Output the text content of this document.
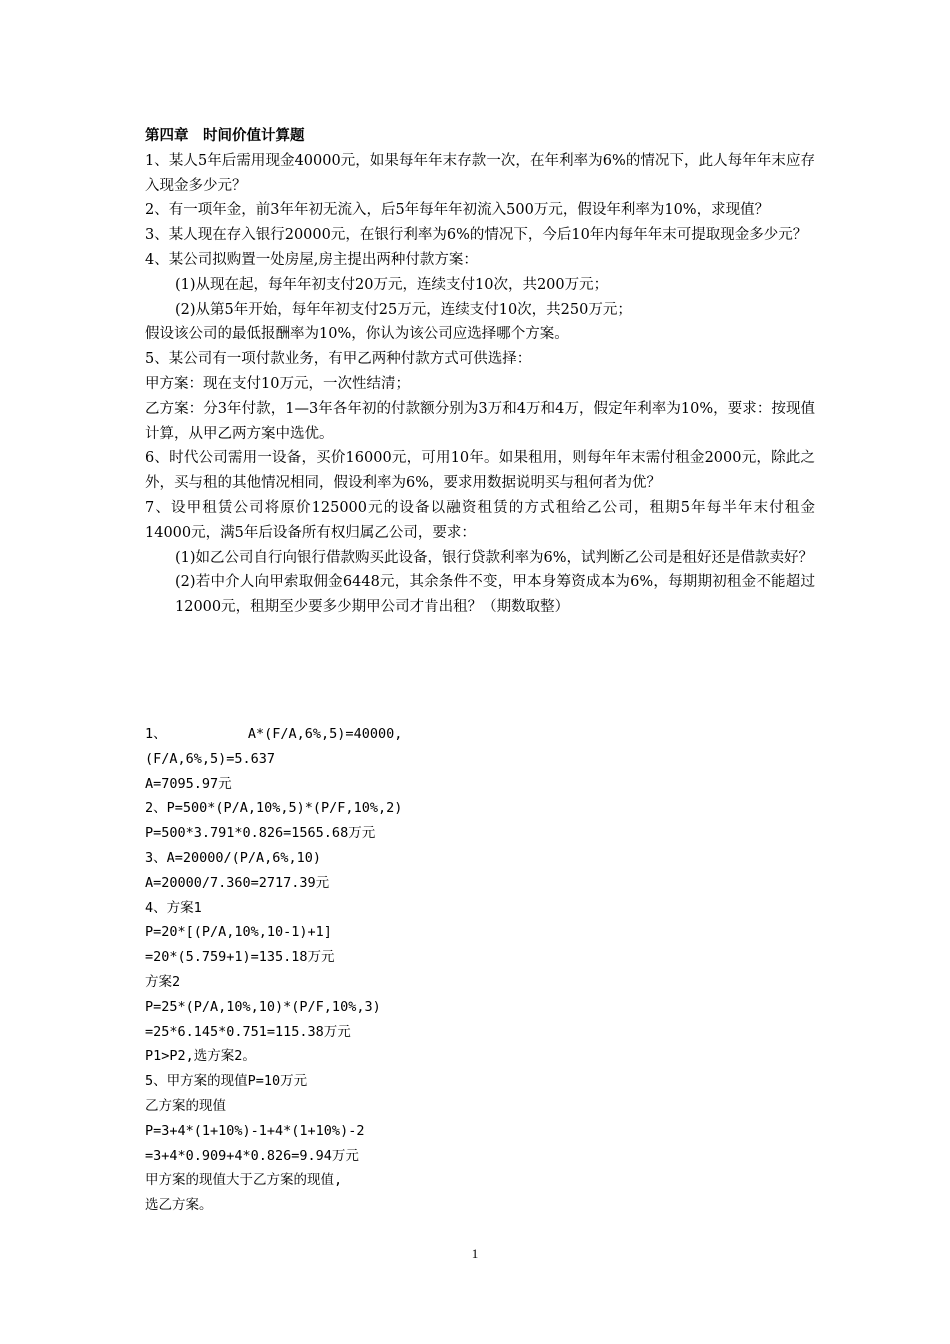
第四章　时间价值计算题

1、某人5年后需用现金40000元，如果每年年末存款一次，在年利率为6%的情况下，此人每年年末应存入现金多少元？

2、有一项年金，前3年年初无流入，后5年每年年初流入500万元，假设年利率为10%，求现值？

3、某人现在存入银行20000元，在银行利率为6%的情况下，今后10年内每年年末可提取现金多少元？

4、某公司拟购置一处房屋,房主提出两种付款方案：

(1)从现在起，每年年初支付20万元，连续支付10次，共200万元；

(2)从第5年开始，每年年初支付25万元，连续支付10次，共250万元；

假设该公司的最低报酬率为10%，你认为该公司应选择哪个方案。

5、某公司有一项付款业务，有甲乙两种付款方式可供选择：

甲方案：现在支付10万元，一次性结清；

乙方案：分3年付款，1—3年各年初的付款额分别为3万和4万和4万，假定年利率为10%，要求：按现值计算，从甲乙两方案中选优。

6、时代公司需用一设备，买价16000元，可用10年。如果租用，则每年年末需付租金2000元，除此之外，买与租的其他情况相同，假设利率为6%，要求用数据说明买与租何者为优？

7、设甲租赁公司将原价125000元的设备以融资租赁的方式租给乙公司，租期5年每半年末付租金14000元，满5年后设备所有权归属乙公司，要求：

(1)如乙公司自行向银行借款购买此设备，银行贷款利率为6%，试判断乙公司是租好还是借款卖好？

(2)若中介人向甲索取佣金6448元，其余条件不变，甲本身筹资成本为6%，每期期初租金不能超过12000元，租期至少要多少期甲公司才肯出租？（期数取整）

1、          A*(F/A,6%,5)=40000,

(F/A,6%,5)=5.637

A=7095.97元

2、P=500*(P/A,10%,5)*(P/F,10%,2)

P=500*3.791*0.826=1565.68万元

3、A=20000/(P/A,6%,10)

A=20000/7.360=2717.39元

4、方案1

P=20*[(P/A,10%,10-1)+1]

=20*(5.759+1)=135.18万元

方案2

P=25*(P/A,10%,10)*(P/F,10%,3)

=25*6.145*0.751=115.38万元

P1>P2,选方案2。

5、甲方案的现值P=10万元

乙方案的现值

P=3+4*(1+10%)-1+4*(1+10%)-2

=3+4*0.909+4*0.826=9.94万元

甲方案的现值大于乙方案的现值,

选乙方案。

1
